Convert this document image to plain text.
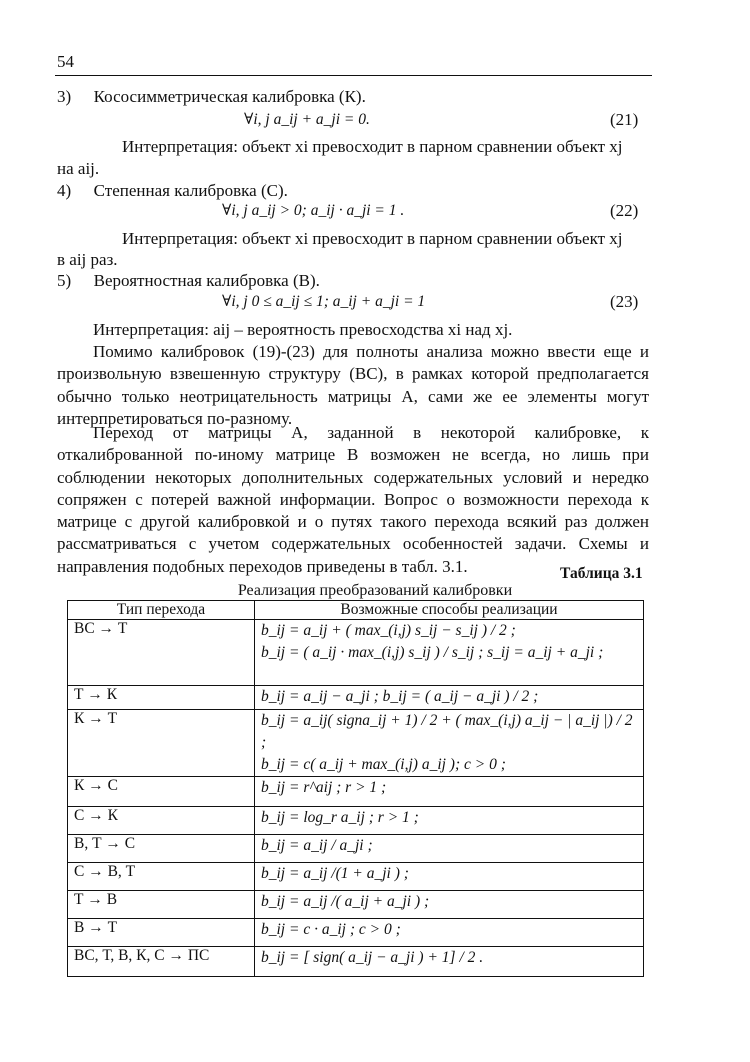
54
3) Кососимметрическая калибровка (К).
∀i, j a_ij + a_ji = 0.	(21)
Интерпретация: объект xi превосходит в парном сравнении объект xj
на aij.
4) Степенная калибровка (С).
∀i, j a_ij > 0; a_ij · a_ji = 1 .	(22)
Интерпретация: объект xi превосходит в парном сравнении объект xj
в aij раз.
5) Вероятностная калибровка (В).
∀i, j 0 ≤ a_ij ≤ 1; a_ij + a_ji = 1	(23)
Интерпретация: aij – вероятность превосходства xi над xj.
Помимо калибровок (19)-(23) для полноты анализа можно ввести еще и произвольную взвешенную структуру (ВС), в рамках которой предполагается обычно только неотрицательность матрицы A, сами же ее элементы могут интерпретироваться по-разному.
Переход от матрицы A, заданной в некоторой калибровке, к откалиброванной по-иному матрице B возможен не всегда, но лишь при соблюдении некоторых дополнительных содержательных условий и нередко сопряжен с потерей важной информации. Вопрос о возможности перехода к матрице с другой калибровкой и о путях такого перехода всякий раз должен рассматриваться с учетом содержательных особенностей задачи. Схемы и направления подобных переходов приведены в табл. 3.1.	Таблица 3.1
Реализация преобразований калибровки
Тип перехода	Возможные способы реализации
ВС → Т	b_ij = a_ij + ( max_(i,j) s_ij − s_ij ) / 2 ;
b_ij = ( a_ij · max_(i,j) s_ij ) / s_ij ; s_ij = a_ij + a_ji ;

Т → К	b_ij = a_ij − a_ji ; b_ij = ( a_ij − a_ji ) / 2 ;

К → Т	b_ij = a_ij( signa_ij + 1) / 2 + ( max_(i,j) a_ij − | a_ij |) / 2 ;
b_ij = c( a_ij + max_(i,j) a_ij ); c > 0 ;

К → С	b_ij = r^aij ; r > 1 ;

С → К	b_ij = log_r a_ij ; r > 1 ;

В, Т → С	b_ij = a_ij / a_ji ;

С → В, Т	b_ij = a_ij /(1 + a_ji ) ;

Т → В	b_ij = a_ij /( a_ij + a_ji ) ;

В → Т	b_ij = c · a_ij ; c > 0 ;

ВС, Т, В, К, С → ПС	b_ij = [ sign( a_ij − a_ji ) + 1] / 2 .
